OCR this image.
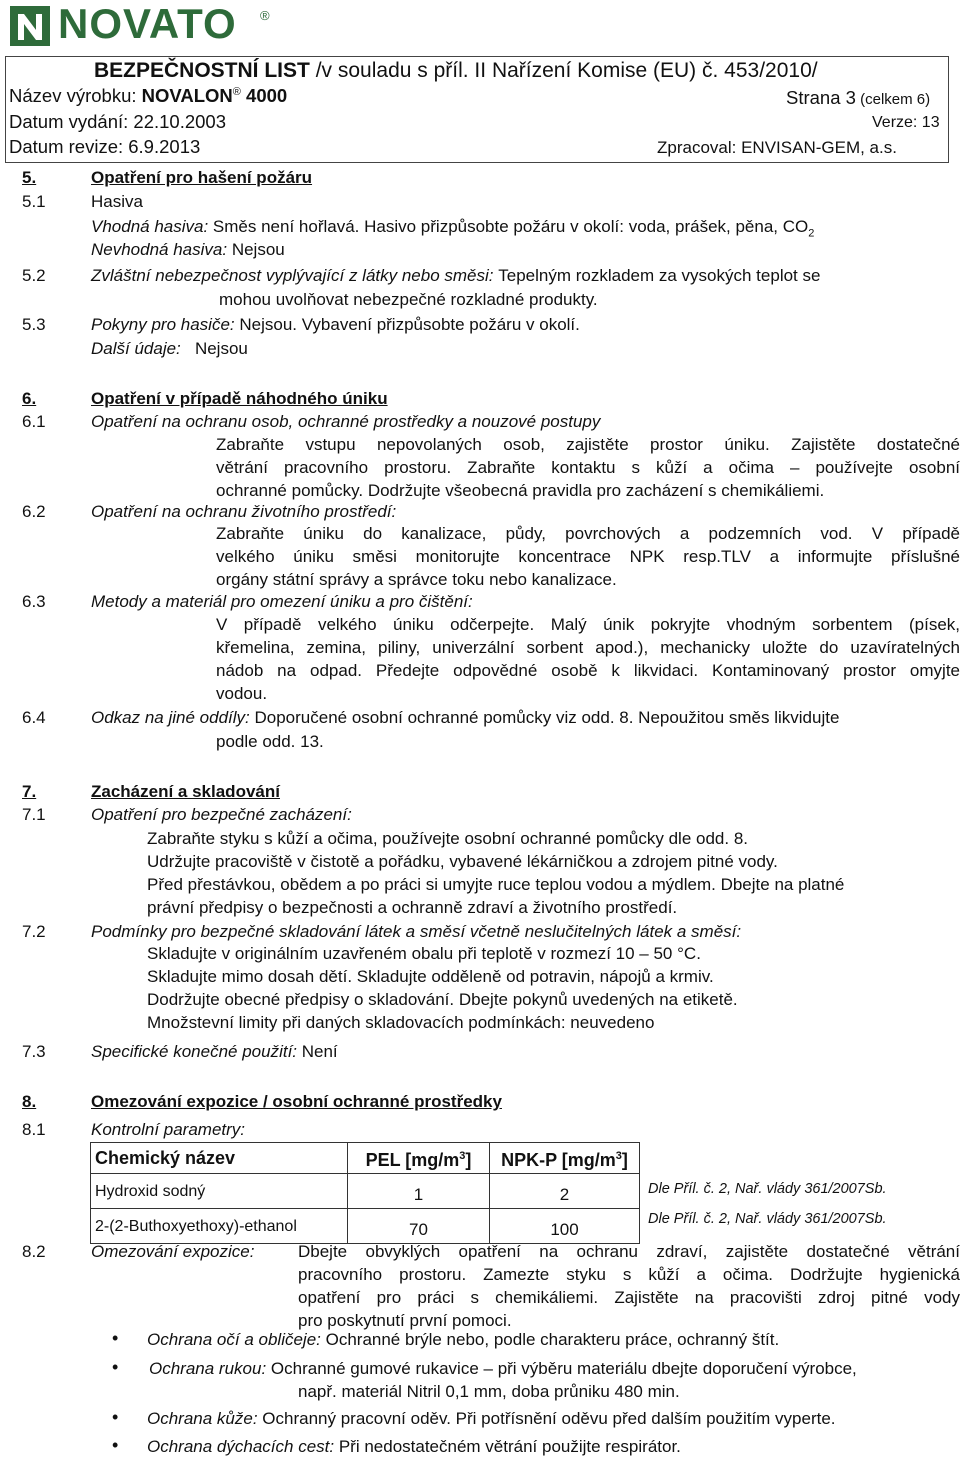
NOVATO ®
BEZPEČNOSTNÍ LIST /v souladu s příl. II Nařízení Komise (EU) č. 453/2010/
Název výrobku: NOVALON® 4000	Strana 3 (celkem 6)
Datum vydání: 22.10.2003	Verze: 13
Datum revize: 6.9.2013	Zpracoval: ENVISAN-GEM, a.s.
5.	Opatření pro hašení požáru
5.1	Hasiva
Vhodná hasiva: Směs není hořlavá. Hasivo přizpůsobte požáru v okolí: voda, prášek, pěna, $CO_2$
Nevhodná hasiva: Nejsou
5.2	Zvláštní nebezpečnost vyplývající z látky nebo směsi: Tepelným rozkladem za vysokých teplot se
mohou uvolňovat nebezpečné rozkladné produkty.
5.3	Pokyny pro hasiče: Nejsou. Vybavení přizpůsobte požáru v okolí.
Další údaje:   Nejsou
6.	Opatření v případě náhodného úniku
6.1	Opatření na ochranu osob, ochranné prostředky a nouzové postupy
Zabraňte vstupu nepovolaných osob, zajistěte prostor úniku. Zajistěte dostatečné
větrání pracovního prostoru. Zabraňte kontaktu s kůží a očima – používejte osobní
ochranné pomůcky. Dodržujte všeobecná pravidla pro zacházení s chemikáliemi.
6.2	Opatření na ochranu životního prostředí:
Zabraňte úniku do kanalizace, půdy, povrchových a podzemních vod. V případě
velkého úniku směsi monitorujte koncentrace NPK resp.TLV a informujte příslušné
orgány státní správy a správce toku nebo kanalizace.
6.3	Metody a materiál pro omezení úniku a pro čištění:
V případě velkého úniku odčerpejte. Malý únik pokryjte vhodným sorbentem (písek,
křemelina, zemina, piliny, univerzální sorbent apod.), mechanicky uložte do uzavíratelných
nádob na odpad. Předejte odpovědné osobě k likvidaci. Kontaminovaný prostor omyjte
vodou.
6.4	Odkaz na jiné oddíly: Doporučené osobní ochranné pomůcky viz odd. 8. Nepoužitou směs likvidujte
podle odd. 13.
7.	Zacházení a skladování
7.1	Opatření pro bezpečné zacházení:
Zabraňte styku s kůží a očima, používejte osobní ochranné pomůcky dle odd. 8.
Udržujte pracoviště v čistotě a pořádku, vybavené lékárničkou a zdrojem pitné vody.
Před přestávkou, obědem a po práci si umyjte ruce teplou vodou a mýdlem. Dbejte na platné
právní předpisy o bezpečnosti a ochranně zdraví a životního prostředí.
7.2	Podmínky pro bezpečné skladování látek a směsí včetně neslučitelných látek a směsí:
Skladujte v originálním uzavřeném obalu při teplotě v rozmezí 10 – 50 °C.
Skladujte mimo dosah dětí. Skladujte odděleně od potravin, nápojů a krmiv.
Dodržujte obecné předpisy o skladování. Dbejte pokynů uvedených na etiketě.
Množstevní limity při daných skladovacích podmínkách: neuvedeno
7.3	Specifické konečné použití: Není
8.	Omezování expozice / osobní ochranné prostředky
8.1	Kontrolní parametry:
Chemický název	PEL $[mg/m^3]$	NPK-P $[mg/m^3]$
Hydroxid sodný	1	2
2-(2-Buthoxyethoxy)-ethanol	70	100
Dle Příl. č. 2, Nař. vlády 361/2007Sb.
Dle Příl. č. 2, Nař. vlády 361/2007Sb.
8.2	Omezování expozice:	Dbejte obvyklých opatření na ochranu zdraví, zajistěte dostatečné větrání
pracovního prostoru. Zamezte styku s kůží a očima. Dodržujte hygienická
opatření pro práci s chemikáliemi. Zajistěte na pracovišti zdroj pitné vody
pro poskytnutí první pomoci.
• Ochrana očí a obličeje: Ochranné brýle nebo, podle charakteru práce, ochranný štít.
• Ochrana rukou: Ochranné gumové rukavice – při výběru materiálu dbejte doporučení výrobce,
např. materiál Nitril 0,1 mm, doba průniku 480 min.
• Ochrana kůže: Ochranný pracovní oděv. Při potřísnění oděvu před dalším použitím vyperte.
• Ochrana dýchacích cest: Při nedostatečném větrání použijte respirátor.
